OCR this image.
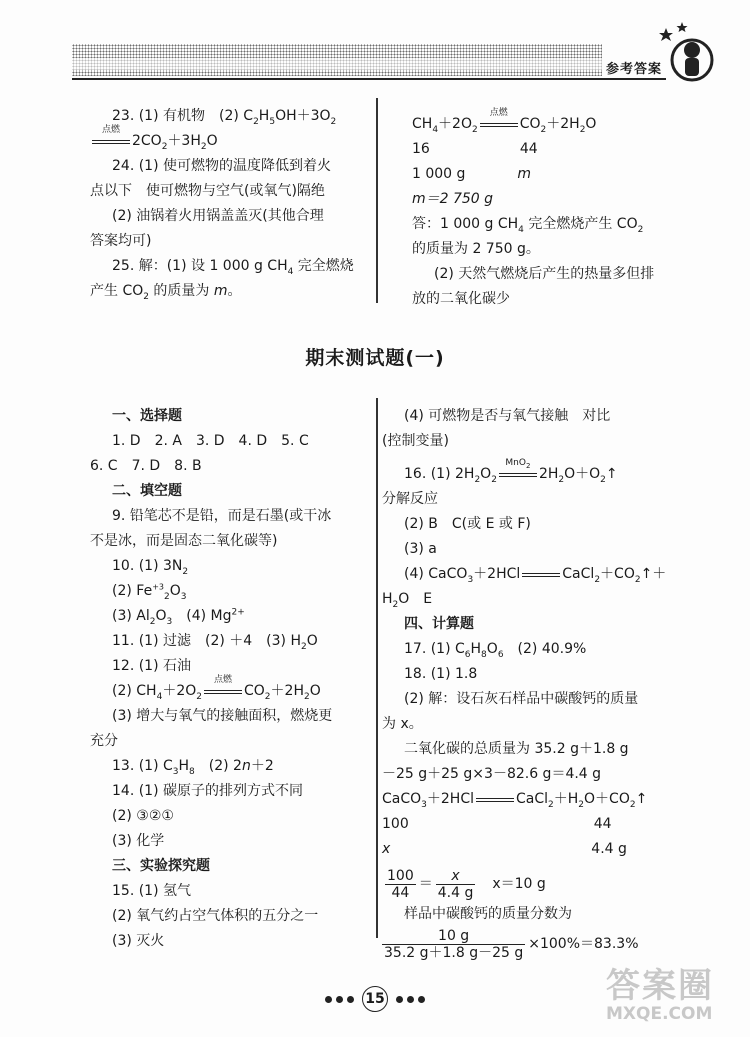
参考答案

23. (1) 有机物　(2) $C_2H_5OH+3O_2$

点燃
$2CO_2+3H_2O$

24. (1) 使可燃物的温度降低到着火

点以下　使可燃物与空气(或氧气)隔绝

(2) 油锅着火用锅盖盖灭(其他合理

答案均可)

25. 解：(1) 设 1 000 g $CH_4$ 完全燃烧

产生 $CO_2$ 的质量为 m。

$CH_4+2O_2$
点燃
$CO_2+2H_2O$

16	44

1 000 g	m

m＝2 750 g

答：1 000 g $CH_4$ 完全燃烧产生 $CO_2$

的质量为 2 750 g。

(2) 天然气燃烧后产生的热量多但排

放的二氧化碳少

期末测试题(一)

一、选择题

1. D　2. A　3. D　4. D　5. C

6. C　7. D　8. B

二、填空题

9. 铅笔芯不是铅，而是石墨(或干冰

不是冰，而是固态二氧化碳等)

10. (1) $3N_2$

(2) $Fe^{+3}_2O_3$

(3) $Al_2O_3$　(4) $Mg^{2+}$

11. (1) 过滤　(2) ＋4　(3) $H_2O$

12. (1) 石油

(2) $CH_4+2O_2$
点燃
$CO_2+2H_2O$

(3) 增大与氧气的接触面积，燃烧更

充分

13. (1) $C_3H_8$　(2) 2n＋2

14. (1) 碳原子的排列方式不同

(2) ③②①

(3) 化学

三、实验探究题

15. (1) 氢气

(2) 氧气约占空气体积的五分之一

(3) 灭火

(4) 可燃物是否与氧气接触　对比

(控制变量)

16. (1) $2H_2O_2$
MnO$_2$
$2H_2O+O_2↑$

分解反应

(2) B　C(或 E 或 F)

(3) a

(4) CaCO$_3$＋2HCl	$CaCl_2+CO_2↑+$

$H_2O$　E

四、计算题

17. (1) $C_6H_8O_6$　(2) 40.9%

18. (1) 1.8

(2) 解：设石灰石样品中碳酸钙的质量

为 x。

二氧化碳的总质量为 35.2 g＋1.8 g

－25 g＋25 g×3－82.6 g＝4.4 g

CaCO$_3$＋2HCl	$CaCl_2+H_2O+CO_2↑$

100	44

x	4.4 g

$\frac{100}{44} = \frac{x}{4.4 g}$
　 x＝10 g

样品中碳酸钙的质量分数为

$\frac{10 g}{35.2 g+1.8 g-25 g} \times 100\%=83.3\%$

15	答案圈
MXQE.COM
